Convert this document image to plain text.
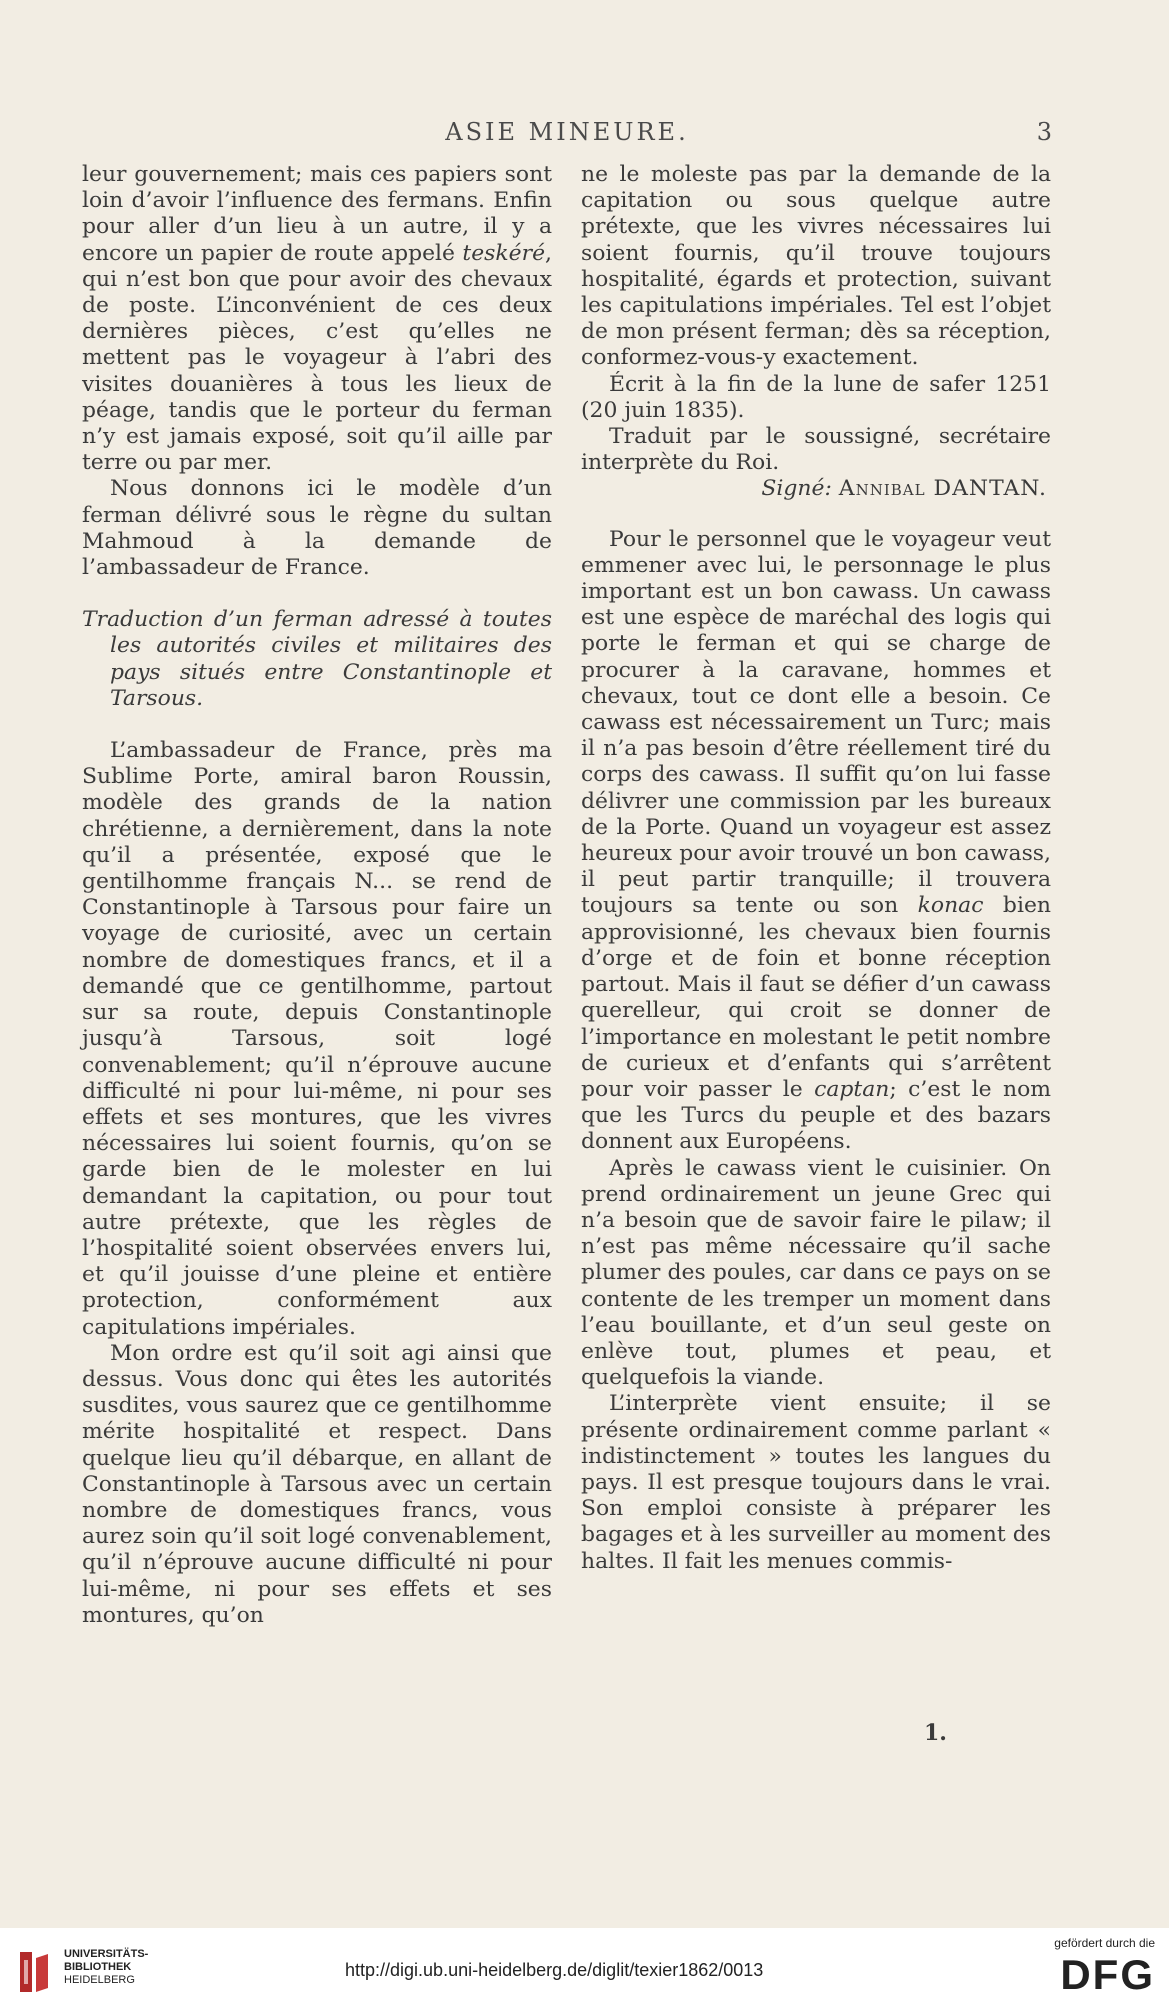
ASIE MINEURE.	3

leur gouvernement; mais ces papiers sont loin d’avoir l’influence des fermans. Enfin pour aller d’un lieu à un autre, il y a encore un papier de route appelé teskéré, qui n’est bon que pour avoir des chevaux de poste. L’inconvénient de ces deux dernières pièces, c’est qu’elles ne mettent pas le voyageur à l’abri des visites douanières à tous les lieux de péage, tandis que le porteur du ferman n’y est jamais exposé, soit qu’il aille par terre ou par mer.

Nous donnons ici le modèle d’un ferman délivré sous le règne du sultan Mahmoud à la demande de l’ambassadeur de France.

Traduction d’un ferman adressé à toutes les autorités civiles et militaires des pays situés entre Constantinople et Tarsous.

L’ambassadeur de France, près ma Sublime Porte, amiral baron Roussin, modèle des grands de la nation chrétienne, a dernièrement, dans la note qu’il a présentée, exposé que le gentilhomme français N... se rend de Constantinople à Tarsous pour faire un voyage de curiosité, avec un certain nombre de domestiques francs, et il a demandé que ce gentilhomme, partout sur sa route, depuis Constantinople jusqu’à Tarsous, soit logé convenablement; qu’il n’éprouve aucune difficulté ni pour lui-même, ni pour ses effets et ses montures, que les vivres nécessaires lui soient fournis, qu’on se garde bien de le molester en lui demandant la capitation, ou pour tout autre prétexte, que les règles de l’hospitalité soient observées envers lui, et qu’il jouisse d’une pleine et entière protection, conformément aux capitulations impériales.

Mon ordre est qu’il soit agi ainsi que dessus. Vous donc qui êtes les autorités susdites, vous saurez que ce gentilhomme mérite hospitalité et respect. Dans quelque lieu qu’il débarque, en allant de Constantinople à Tarsous avec un certain nombre de domestiques francs, vous aurez soin qu’il soit logé convenablement, qu’il n’éprouve aucune difficulté ni pour lui-même, ni pour ses effets et ses montures, qu’on

ne le moleste pas par la demande de la capitation ou sous quelque autre prétexte, que les vivres nécessaires lui soient fournis, qu’il trouve toujours hospitalité, égards et protection, suivant les capitulations impériales. Tel est l’objet de mon présent ferman; dès sa réception, conformez-vous-y exactement.

Écrit à la fin de la lune de safer 1251 (20 juin 1835).

Traduit par le soussigné, secrétaire interprète du Roi.

Signé: Annibal DANTAN.

Pour le personnel que le voyageur veut emmener avec lui, le personnage le plus important est un bon cawass. Un cawass est une espèce de maréchal des logis qui porte le ferman et qui se charge de procurer à la caravane, hommes et chevaux, tout ce dont elle a besoin. Ce cawass est nécessairement un Turc; mais il n’a pas besoin d’être réellement tiré du corps des cawass. Il suffit qu’on lui fasse délivrer une commission par les bureaux de la Porte. Quand un voyageur est assez heureux pour avoir trouvé un bon cawass, il peut partir tranquille; il trouvera toujours sa tente ou son konac bien approvisionné, les chevaux bien fournis d’orge et de foin et bonne réception partout. Mais il faut se défier d’un cawass querelleur, qui croit se donner de l’importance en molestant le petit nombre de curieux et d’enfants qui s’arrêtent pour voir passer le captan; c’est le nom que les Turcs du peuple et des bazars donnent aux Européens.

Après le cawass vient le cuisinier. On prend ordinairement un jeune Grec qui n’a besoin que de savoir faire le pilaw; il n’est pas même nécessaire qu’il sache plumer des poules, car dans ce pays on se contente de les tremper un moment dans l’eau bouillante, et d’un seul geste on enlève tout, plumes et peau, et quelquefois la viande.

L’interprète vient ensuite; il se présente ordinairement comme parlant « indistinctement » toutes les langues du pays. Il est presque toujours dans le vrai. Son emploi consiste à préparer les bagages et à les surveiller au moment des haltes. Il fait les menues commis-

1.
UNIVERSITÄTS-
BIBLIOTHEK
HEIDELBERG	http://digi.ub.uni-heidelberg.de/diglit/texier1862/0013
gefördert durch die
DFG
